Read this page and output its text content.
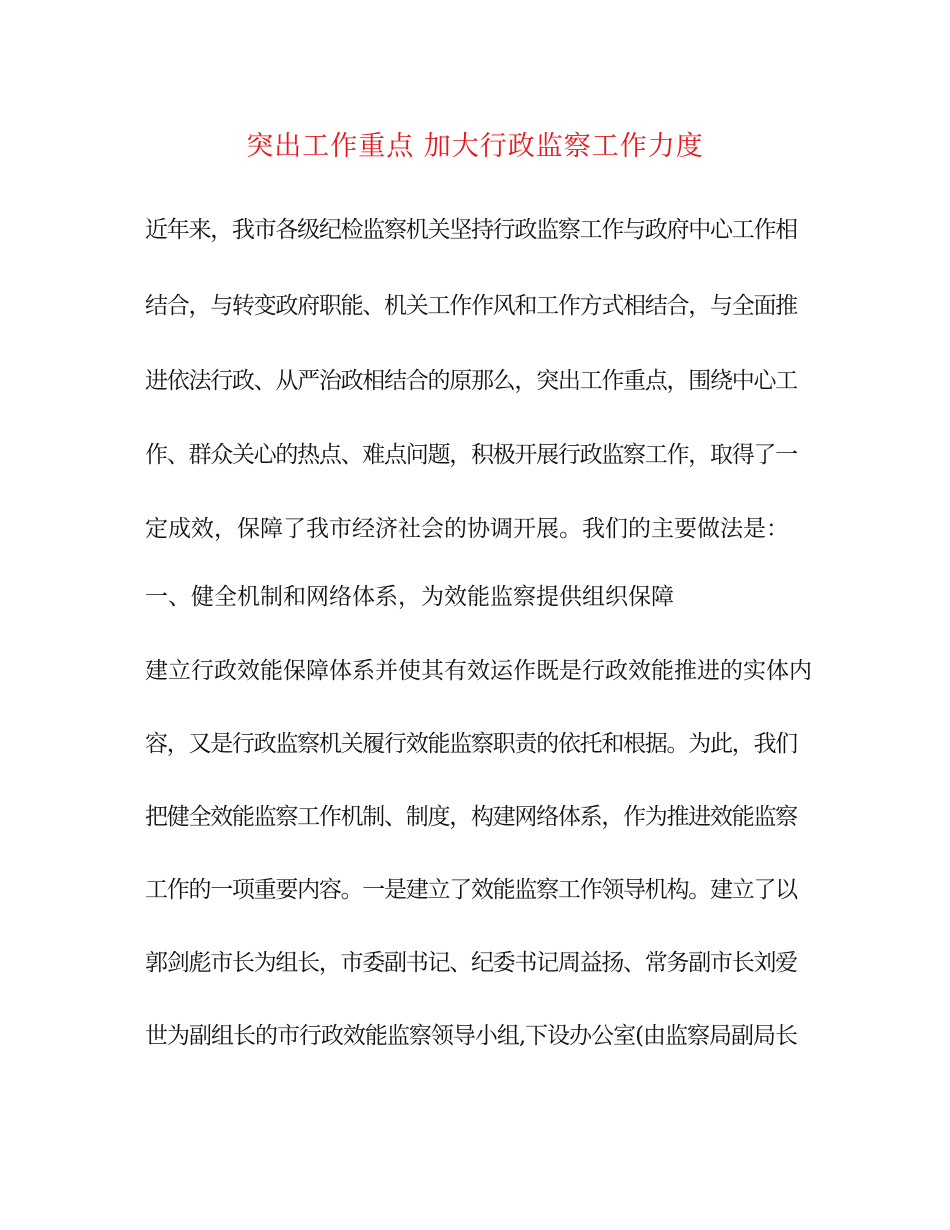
突出工作重点 加大行政监察工作力度

近年来，我市各级纪检监察机关坚持行政监察工作与政府中心工作相

结合，与转变政府职能、机关工作作风和工作方式相结合，与全面推

进依法行政、从严治政相结合的原那么，突出工作重点，围绕中心工

作、群众关心的热点、难点问题，积极开展行政监察工作，取得了一

定成效，保障了我市经济社会的协调开展。我们的主要做法是：

一、健全机制和网络体系，为效能监察提供组织保障

建立行政效能保障体系并使其有效运作既是行政效能推进的实体内

容，又是行政监察机关履行效能监察职责的依托和根据。为此，我们

把健全效能监察工作机制、制度，构建网络体系，作为推进效能监察

工作的一项重要内容。一是建立了效能监察工作领导机构。建立了以

郭剑彪市长为组长，市委副书记、纪委书记周益扬、常务副市长刘爱

世为副组长的市行政效能监察领导小组,下设办公室(由监察局副局长
